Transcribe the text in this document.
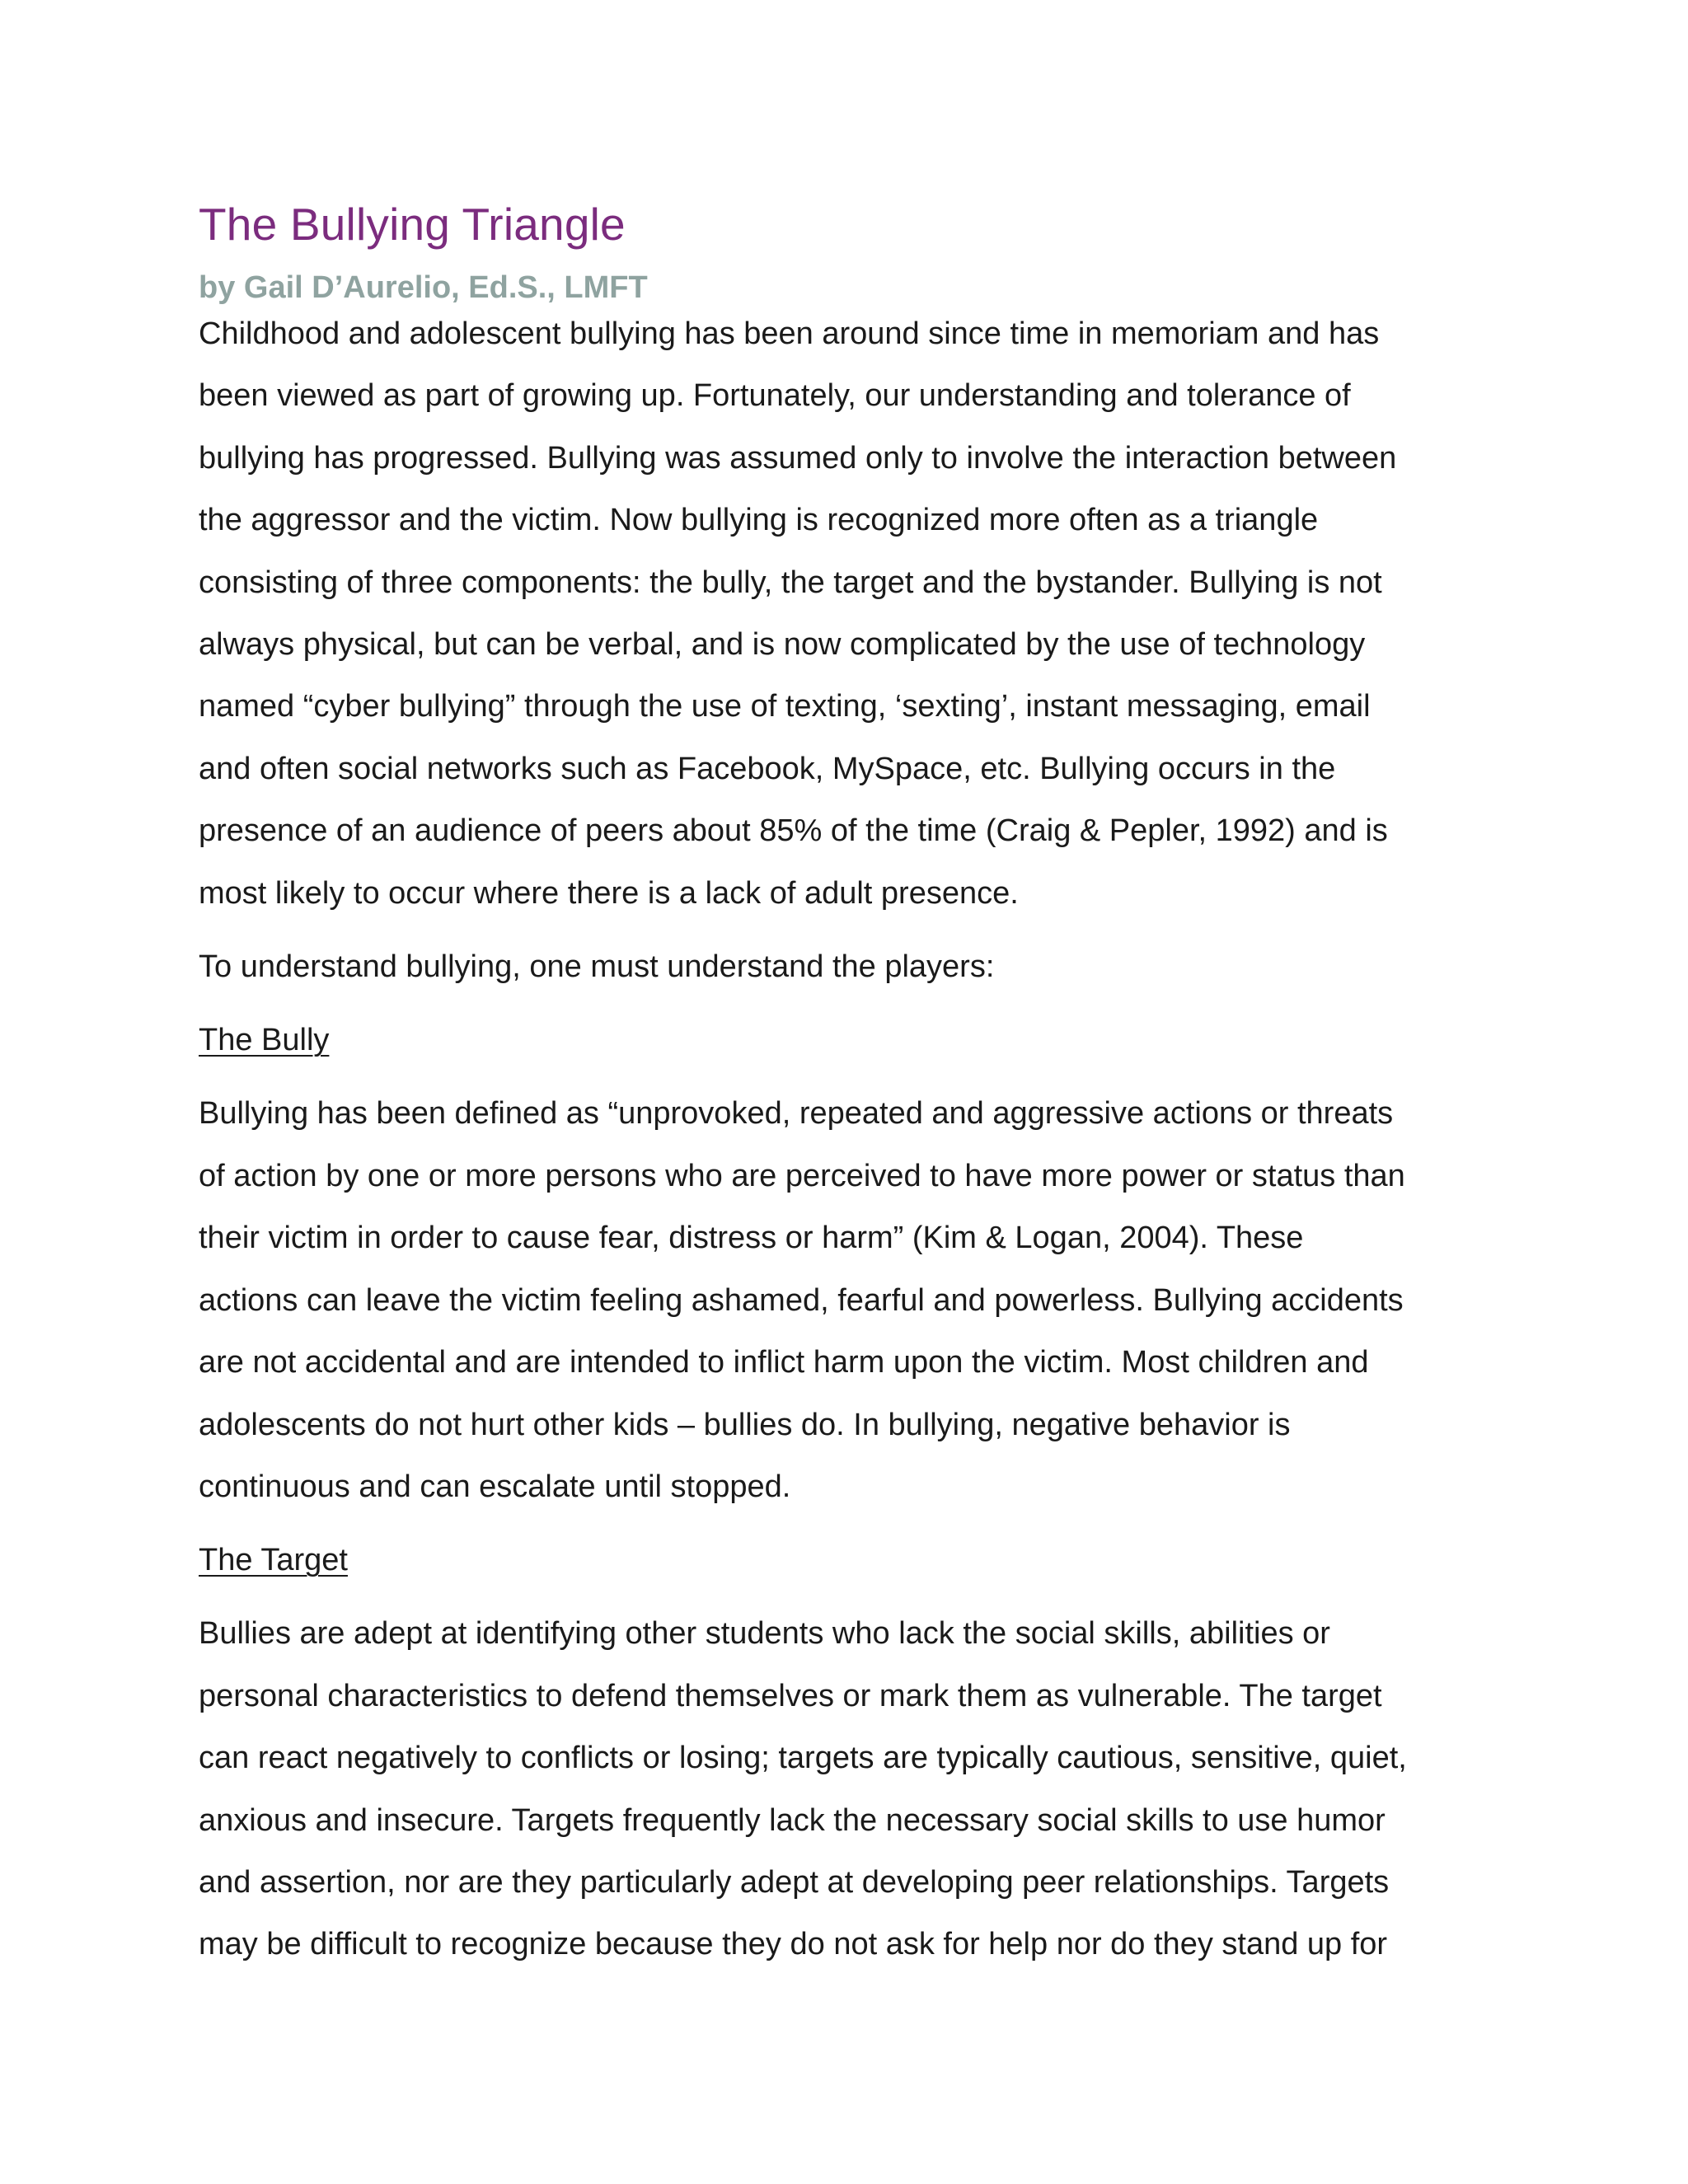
The Bullying Triangle
by Gail D’Aurelio, Ed.S., LMFT

Childhood and adolescent bullying has been around since time in memoriam and has
been viewed as part of growing up. Fortunately, our understanding and tolerance of
bullying has progressed. Bullying was assumed only to involve the interaction between
the aggressor and the victim. Now bullying is recognized more often as a triangle
consisting of three components: the bully, the target and the bystander. Bullying is not
always physical, but can be verbal, and is now complicated by the use of technology
named “cyber bullying” through the use of texting, ‘sexting’, instant messaging, email
and often social networks such as Facebook, MySpace, etc. Bullying occurs in the
presence of an audience of peers about 85% of the time (Craig & Pepler, 1992) and is
most likely to occur where there is a lack of adult presence.

To understand bullying, one must understand the players:

The Bully

Bullying has been defined as “unprovoked, repeated and aggressive actions or threats
of action by one or more persons who are perceived to have more power or status than
their victim in order to cause fear, distress or harm” (Kim & Logan, 2004). These
actions can leave the victim feeling ashamed, fearful and powerless. Bullying accidents
are not accidental and are intended to inflict harm upon the victim. Most children and
adolescents do not hurt other kids – bullies do. In bullying, negative behavior is
continuous and can escalate until stopped.

The Target

Bullies are adept at identifying other students who lack the social skills, abilities or
personal characteristics to defend themselves or mark them as vulnerable. The target
can react negatively to conflicts or losing; targets are typically cautious, sensitive, quiet,
anxious and insecure. Targets frequently lack the necessary social skills to use humor
and assertion, nor are they particularly adept at developing peer relationships. Targets
may be difficult to recognize because they do not ask for help nor do they stand up for
